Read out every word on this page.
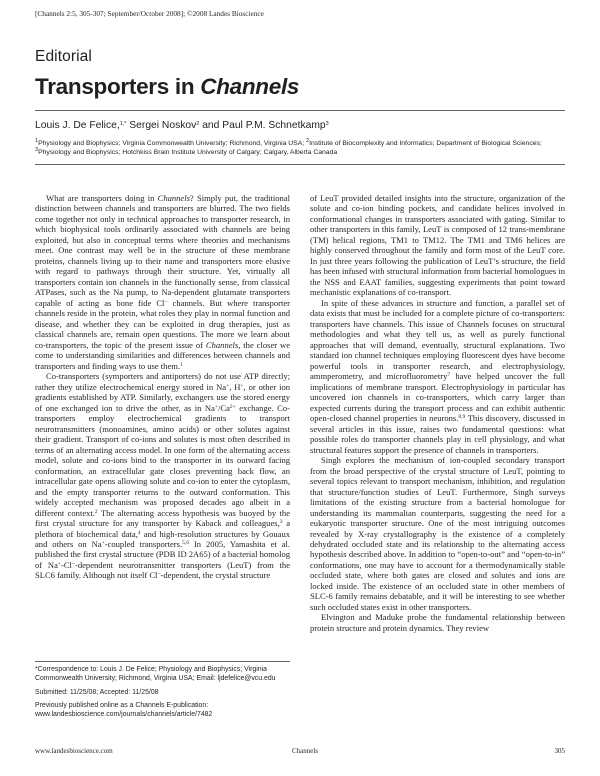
[Channels 2:5, 305-307; September/October 2008]; ©2008 Landes Bioscience
Editorial
Transporters in Channels
Louis J. De Felice,$^{1,*}$ Sergei Noskov$^2$ and Paul P.M. Schnetkamp$^3$
$^1$Physiology and Biophysics; Virginia Commonwealth University; Richmond, Virginia USA; $^2$Institute of Biocomplexity and Informatics; Department of Biological Sciences; $^3$Physiology and Biophysics; Hotchkiss Brain Institute University of Calgary; Calgary, Alberta Canada

What are transporters doing in Channels? Simply put, the traditional distinction between channels and transporters are blurred. The two fields come together not only in technical approaches to transporter research, in which biophysical tools ordinarily associated with channels are being exploited, but also in conceptual terms where theories and mechanisms meet. One contrast may well be in the structure of these membrane proteins, channels living up to their name and transporters more elusive with regard to pathways through their structure. Yet, virtually all transporters contain ion channels in the functionally sense, from classical ATPases, such as the Na pump, to Na-dependent glutamate transporters capable of acting as bone fide Cl− channels. But where transporter channels reside in the protein, what roles they play in normal function and disease, and whether they can be exploited in drug therapies, just as classical channels are, remain open questions. The more we learn about co-transporters, the topic of the present issue of Channels, the closer we come to understanding similarities and differences between channels and transporters and finding ways to use them.$^1$

Co-transporters (symporters and antiporters) do not use ATP directly; rather they utilize electrochemical energy stored in Na+, H+, or other ion gradients established by ATP. Similarly, exchangers use the stored energy of one exchanged ion to drive the other, as in $Na^+/Ca^{2+}$ exchange. Co-transporters employ electrochemical gradients to transport neurotransmitters (monoamines, amino acids) or other solutes against their gradient. Transport of co-ions and solutes is most often described in terms of an alternating access model. In one form of the alternating access model, solute and co-ions bind to the transporter in its outward facing conformation, an extracellular gate closes preventing back flow, an intracellular gate opens allowing solute and co-ion to enter the cytoplasm, and the empty transporter returns to the outward conformation. This widely accepted mechanism was proposed decades ago albeit in a different context.$^2$ The alternating access hypothesis was buoyed by the first crystal structure for any transporter by Kaback and colleagues,$^3$ a plethora of biochemical data,$^4$ and high-resolution structures by Gouaux and others on Na+-coupled transporters.$^{5,6}$ In 2005, Yamashita et al. published the first crystal structure (PDB ID 2A65) of a bacterial homolog of Na+-Cl−-dependent neurotransmitter transporters (LeuT) from the SLC6 family. Although not itself Cl−-dependent, the crystal structure

*Correspondence to: Louis J. De Felice; Physiology and Biophysics; Virginia Commonwealth University; Richmond, Virginia USA; Email: ljdefelice@vcu.edu
Submitted: 11/25/08; Accepted: 11/25/08
Previously published online as a Channels E-publication: www.landesbioscience.com/journals/channels/article/7482

of LeuT provided detailed insights into the structure, organization of the solute and co-ion binding pockets, and candidate helices involved in conformational changes in transporters associated with gating. Similar to other transporters in this family, LeuT is composed of 12 trans-membrane (TM) helical regions, TM1 to TM12. The TM1 and TM6 helices are highly conserved throughout the family and form most of the LeuT core. In just three years following the publication of LeuT’s structure, the field has been infused with structural information from bacterial homologues in the NSS and EAAT families, suggesting experiments that point toward mechanistic explanations of co-transport.

In spite of these advances in structure and function, a parallel set of data exists that must be included for a complete picture of co-transporters: transporters have channels. This issue of Channels focuses on structural methodologies and what they tell us, as well as purely functional approaches that will demand, eventually, structural explanations. Two standard ion channel techniques employing fluorescent dyes have become powerful tools in transporter research, and electrophysiology, ammperometry, and microfluorometry$^7$ have helped uncover the full implications of membrane transport. Electrophysiology in particular has uncovered ion channels in co-transporters, which carry larger than expected currents during the transport process and can exhibit authentic open-closed channel properties in neurons.$^{8,9}$ This discovery, discussed in several articles in this issue, raises two fundamental questions: what possible roles do transporter channels play in cell physiology, and what structural features support the presence of channels in transporters.

Singh explores the mechanism of ion-coupled secondary transport from the broad perspective of the crystal structure of LeuT, pointing to several topics relevant to transport mechanism, inhibition, and regulation that structure/function studies of LeuT. Furthermore, Singh surveys limitations of the existing structure from a bacterial homologue for understanding its mammalian counterparts, suggesting the need for a eukaryotic transporter structure. One of the most intriguing outcomes revealed by X-ray crystallography is the existence of a completely dehydrated occluded state and its relationship to the alternating access hypothesis described above. In addition to “open-to-out” and “open-to-in” conformations, one may have to account for a thermodynamically stable occluded state, where both gates are closed and solutes and ions are locked inside. The existence of an occluded state in other members of SLC-6 family remains debatable, and it will be interesting to see whether such occluded states exist in other transporters.

Elvington and Maduke probe the fundamental relationship between protein structure and protein dynamics. They review

www.landesbioscience.com	Channels	305
